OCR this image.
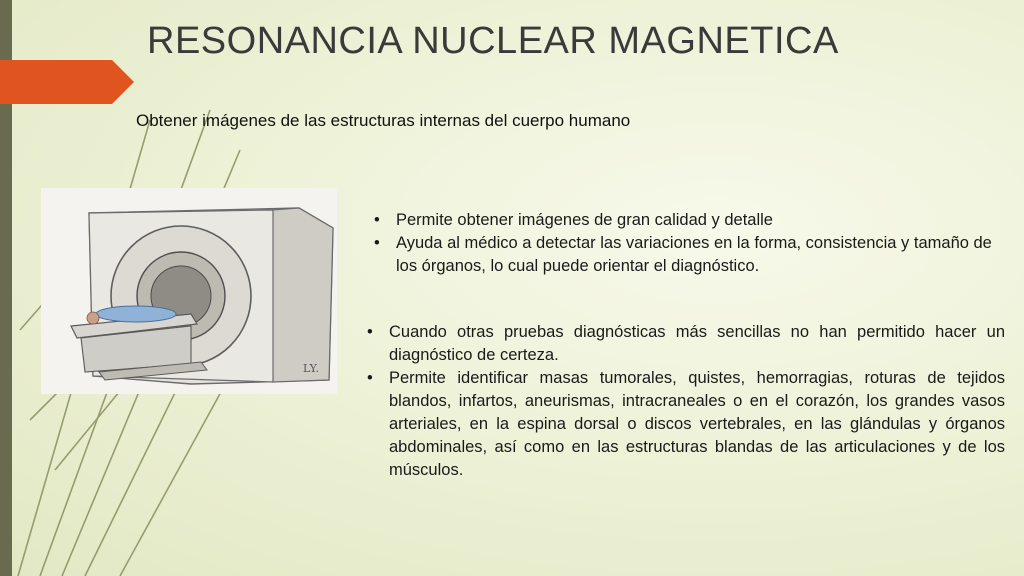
RESONANCIA NUCLEAR MAGNETICA
Obtener imágenes de las estructuras internas del cuerpo humano
LY.
• Permite obtener imágenes de gran calidad y detalle
• Ayuda al médico a detectar las variaciones en la forma, consistencia y tamaño de los órganos, lo cual puede orientar el diagnóstico.
• Cuando otras pruebas diagnósticas más sencillas no han permitido hacer un diagnóstico de certeza.
• Permite identificar masas tumorales, quistes, hemorragias, roturas de tejidos blandos, infartos, aneurismas, intracraneales o en el corazón, los grandes vasos arteriales, en la espina dorsal o discos vertebrales, en las glándulas y órganos abdominales, así como en las estructuras blandas de las articulaciones y de los músculos.
